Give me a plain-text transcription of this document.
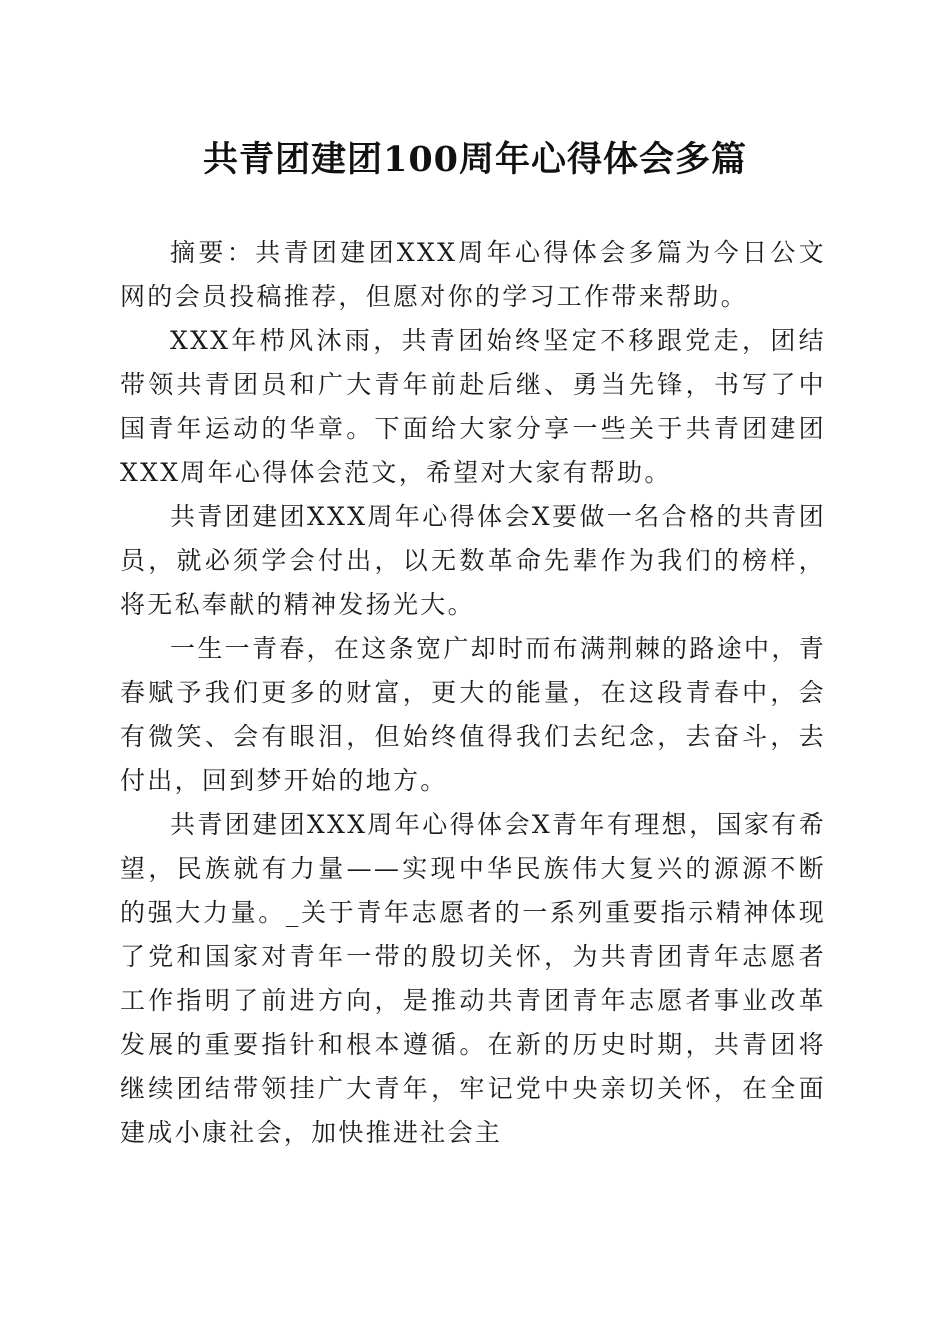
共青团建团100周年心得体会多篇

摘要：共青团建团XXX周年心得体会多篇为今日公文网的会员投稿推荐，但愿对你的学习工作带来帮助。

XXX年栉风沐雨，共青团始终坚定不移跟党走，团结带领共青团员和广大青年前赴后继、勇当先锋，书写了中国青年运动的华章。下面给大家分享一些关于共青团建团XXX周年心得体会范文，希望对大家有帮助。

共青团建团XXX周年心得体会X要做一名合格的共青团员，就必须学会付出，以无数革命先辈作为我们的榜样，将无私奉献的精神发扬光大。

一生一青春，在这条宽广却时而布满荆棘的路途中，青春赋予我们更多的财富，更大的能量，在这段青春中，会有微笑、会有眼泪，但始终值得我们去纪念，去奋斗，去付出，回到梦开始的地方。

共青团建团XXX周年心得体会X青年有理想，国家有希望，民族就有力量——实现中华民族伟大复兴的源源不断的强大力量。_关于青年志愿者的一系列重要指示精神体现了党和国家对青年一带的殷切关怀，为共青团青年志愿者工作指明了前进方向，是推动共青团青年志愿者事业改革发展的重要指针和根本遵循。在新的历史时期，共青团将继续团结带领挂广大青年，牢记党中央亲切关怀，在全面建成小康社会，加快推进社会主
